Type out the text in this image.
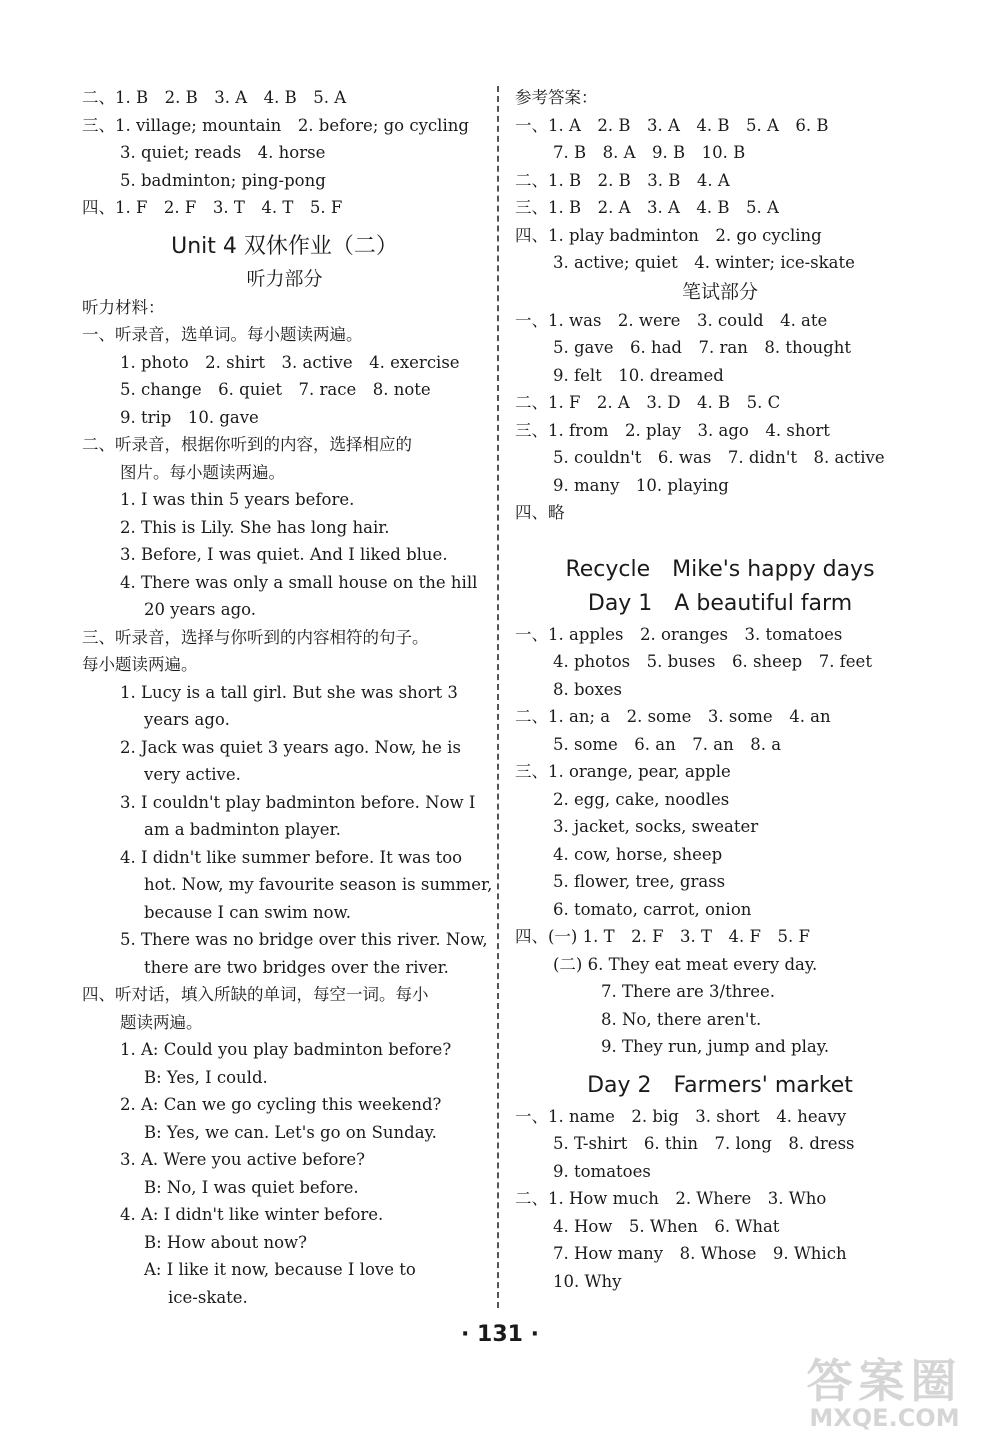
二、1. B　2. B　3. A　4. B　5. A
三、1. village; mountain　2. before; go cycling
3. quiet; reads　4. horse
5. badminton; ping-pong
四、1. F　2. F　3. T　4. T　5. F
Unit 4 双休作业（二）
听力部分
听力材料：
一、听录音，选单词。每小题读两遍。
1. photo　2. shirt　3. active　4. exercise
5. change　6. quiet　7. race　8. note
9. trip　10. gave
二、听录音，根据你听到的内容，选择相应的
图片。每小题读两遍。
1. I was thin 5 years before.
2. This is Lily. She has long hair.
3. Before, I was quiet. And I liked blue.
4. There was only a small house on the hill
20 years ago.
三、听录音，选择与你听到的内容相符的句子。
每小题读两遍。
1. Lucy is a tall girl. But she was short 3
years ago.
2. Jack was quiet 3 years ago. Now, he is
very active.
3. I couldn't play badminton before. Now I
am a badminton player.
4. I didn't like summer before. It was too
hot. Now, my favourite season is summer,
because I can swim now.
5. There was no bridge over this river. Now,
there are two bridges over the river.
四、听对话，填入所缺的单词，每空一词。每小
题读两遍。
1. A: Could you play badminton before?
B: Yes, I could.
2. A: Can we go cycling this weekend?
B: Yes, we can. Let's go on Sunday.
3. A. Were you active before?
B: No, I was quiet before.
4. A: I didn't like winter before.
B: How about now?
A: I like it now, because I love to
ice-skate.
参考答案：
一、1. A　2. B　3. A　4. B　5. A　6. B
7. B　8. A　9. B　10. B
二、1. B　2. B　3. B　4. A
三、1. B　2. A　3. A　4. B　5. A
四、1. play badminton　2. go cycling
3. active; quiet　4. winter; ice-skate
笔试部分
一、1. was　2. were　3. could　4. ate
5. gave　6. had　7. ran　8. thought
9. felt　10. dreamed
二、1. F　2. A　3. D　4. B　5. C
三、1. from　2. play　3. ago　4. short
5. couldn't　6. was　7. didn't　8. active
9. many　10. playing
四、略
Recycle　Mike's happy days
Day 1　A beautiful farm
一、1. apples　2. oranges　3. tomatoes
4. photos　5. buses　6. sheep　7. feet
8. boxes
二、1. an; a　2. some　3. some　4. an
5. some　6. an　7. an　8. a
三、1. orange, pear, apple
2. egg, cake, noodles
3. jacket, socks, sweater
4. cow, horse, sheep
5. flower, tree, grass
6. tomato, carrot, onion
四、(一) 1. T　2. F　3. T　4. F　5. F
(二) 6. They eat meat every day.
7. There are 3/three.
8. No, there aren't.
9. They run, jump and play.
Day 2　Farmers' market
一、1. name　2. big　3. short　4. heavy
5. T-shirt　6. thin　7. long　8. dress
9. tomatoes
二、1. How much　2. Where　3. Who
4. How　5. When　6. What
7. How many　8. Whose　9. Which
10. Why
· 131 ·
答案圈
MXQE.COM
